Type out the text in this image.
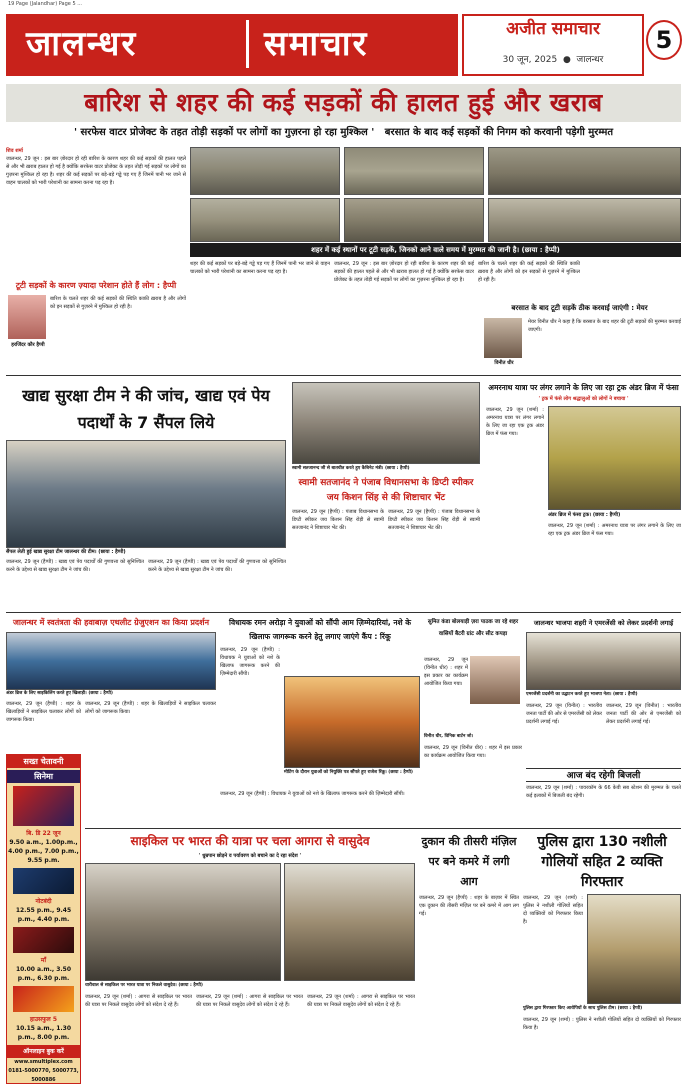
19 Page (Jalandhar) Page 5 ...
जालन्धर	समाचार	अजीत समाचार
30 जून, 2025  ●  जालन्धर
5
बारिश से शहर की कई सड़कों की हालत हुई और खराब
' सरफेस वाटर प्रोजेक्ट के तहत तोड़ी सड़कों पर लोगों का गुज़रना हो रहा मुश्किल ' बरसात के बाद कई सड़कों की निगम को करवानी पड़ेगी मुरम्मत
शिव शर्मा
जालन्धर, 29 जून : इस बार ज़ोरदार हो रही बारिश के कारण शहर की कई सड़कों की हालत पहले से और भी ख़राब हालत हो गई है क्योंकि सरफेस वाटर प्रोजेक्ट के तहत तोड़ी गई सड़कों पर लोगों का गुज़रना मुश्किल हो रहा है। शहर की कई सड़कों पर बड़े-बड़े गड्ढे पड़ गए हैं जिनमें पानी भर जाने से वाहन चालकों को भारी परेशानी का सामना करना पड़ रहा है।
शहर में कई स्थानों पर टूटी सड़कें, जिनको आने वाले समय में मुरम्मत की जानी है। (छाया : हैप्पी)
टूटी सड़कों के कारण ज़्यादा परेशान होते हैं लोग : हैप्पी
हरजिंदर कौर हैप्पी
बारिश के चलते शहर की कई सड़कों की स्थिति काफ़ी ख़राब है और लोगों को इन सड़कों से गुज़रने में मुश्किल हो रही है।
शहर की कई सड़कों पर बड़े-बड़े गड्ढे पड़ गए हैं जिनमें पानी भर जाने से वाहन चालकों को भारी परेशानी का सामना करना पड़ रहा है।
जालन्धर, 29 जून : इस बार ज़ोरदार हो रही बारिश के कारण शहर की कई सड़कों की हालत पहले से और भी ख़राब हालत हो गई है क्योंकि सरफेस वाटर प्रोजेक्ट के तहत तोड़ी गई सड़कों पर लोगों का गुज़रना मुश्किल हो रहा है।
बारिश के चलते शहर की कई सड़कों की स्थिति काफ़ी ख़राब है और लोगों को इन सड़कों से गुज़रने में मुश्किल हो रही है।
बरसात के बाद टूटी सड़कें ठीक करवाई जाएंगी : मेयर
विनीत धीर
मेयर विनीत धीर ने कहा है कि बरसात के बाद शहर की टूटी सड़कों की मुरम्मत करवाई जाएगी।
खाद्य सुरक्षा टीम ने की जांच, खाद्य एवं पेय पदार्थों के 7 सैंपल लिये
सैंपल लेती हुई खाद्य सुरक्षा टीम जालन्धर की टीम। (छाया : हैप्पी)
जालन्धर, 29 जून (हैप्पी) : खाद्य एवं पेय पदार्थों की गुणवत्ता को सुनिश्चित करने के उद्देश्य से खाद्य सुरक्षा टीम ने जांच की।
जालन्धर, 29 जून (हैप्पी) : खाद्य एवं पेय पदार्थों की गुणवत्ता को सुनिश्चित करने के उद्देश्य से खाद्य सुरक्षा टीम ने जांच की।
स्वामी सतजानन्द जी से बातचीत करते हुए कैबिनेट मंत्री। (छाया : हैप्पी)
स्वामी सतजानंद ने पंजाब विधानसभा के डिप्टी स्पीकर जय किशन सिंह से की शिष्टाचार भेंट
जालन्धर, 29 जून (हैप्पी) : पंजाब विधानसभा के डिप्टी स्पीकर जय किशन सिंह रोड़ी से स्वामी सतजानंद ने शिष्टाचार भेंट की।
जालन्धर, 29 जून (हैप्पी) : पंजाब विधानसभा के डिप्टी स्पीकर जय किशन सिंह रोड़ी से स्वामी सतजानंद ने शिष्टाचार भेंट की।
अमरनाथ यात्रा पर लंगर लगाने के लिए जा रहा ट्रक अंडर ब्रिज में फंसा
' ट्रक में फंसे लोग श्रद्धालुओं को लोगों ने बचाया '
जालन्धर, 29 जून (शर्मा) : अमरनाथ यात्रा पर लंगर लगाने के लिए जा रहा एक ट्रक अंडर ब्रिज में फंस गया।
अंडर ब्रिज में फंसा ट्रक। (छाया : हैप्पी)
जालन्धर, 29 जून (शर्मा) : अमरनाथ यात्रा पर लंगर लगाने के लिए जा रहा एक ट्रक अंडर ब्रिज में फंस गया।
जालन्धर में स्वतंत्रता की हवाबाज़ एथलीट ग्रेजुएशन का किया प्रदर्शन
अंडर ब्रिज के लिए साइकिलिंग करते हुए खिलाड़ी। (छाया : हैप्पी)
जालन्धर, 29 जून (हैप्पी) : शहर के खिलाड़ियों ने साइकिल चलाकर लोगों को जागरूक किया।
जालन्धर, 29 जून (हैप्पी) : शहर के खिलाड़ियों ने साइकिल चलाकर लोगों को जागरूक किया।
विधायक रमन अरोड़ा ने युवाओं को सौंपी आम ज़िम्मेदारियां, नशे के खिलाफ जागरूक करने हेतु लगाए जाएंगे कैंप : रिंकू
जालन्धर, 29 जून (हैप्पी) : विधायक ने युवाओं को नशे के खिलाफ जागरूक करने की ज़िम्मेदारी सौंपी।
मीटिंग के दौरान युवाओं को नियुक्ति पत्र सौंपते हुए राजेश रिंकू। (छाया : हैप्पी)
जालन्धर, 29 जून (हैप्पी) : विधायक ने युवाओं को नशे के खिलाफ जागरूक करने की ज़िम्मेदारी सौंपी।
सुमित कंडा बोलयाड़ी ज़रा पाठक जा रहे शहर वासियों बैटरी ग्रांट और सीट कपड़ा
जालन्धर, 29 जून (विनीत धीर) : शहर में इस प्रकार का कार्यक्रम आयोजित किया गया।
विनीत धीर, विनिक बार्टन जो।
जालन्धर, 29 जून (विनीत धीर) : शहर में इस प्रकार का कार्यक्रम आयोजित किया गया।
जालन्धर भाजपा शहरी ने एमरजेंसी को लेकर प्रदर्शनी लगाई
एमरजेंसी प्रदर्शनी का उद्घाटन करते हुए भाजपा नेता। (छाया : हैप्पी)
जालन्धर, 29 जून (विनीत) : भारतीय जनता पार्टी की ओर से एमरजेंसी को लेकर प्रदर्शनी लगाई गई।
जालन्धर, 29 जून (विनीत) : भारतीय जनता पार्टी की ओर से एमरजेंसी को लेकर प्रदर्शनी लगाई गई।
आज बंद रहेगी बिजली
जालन्धर, 29 जून (शर्मा) : पावरकॉम के 66 केवी सब स्टेशन की मुरम्मत के चलते कई इलाकों में बिजली बंद रहेगी।
सख्त चेतावनी
सिनेमा
बि. डि 22 जून
9.50 a.m., 1.00p.m., 4.00 p.m., 7.00 p.m., 9.55 p.m.
नोटबंदी
12.55 p.m., 9.45 p.m., 4.40 p.m.
माँ
10.00 a.m., 3.50 p.m., 6.30 p.m.
हाउसफुल 5
10.15 a.m., 1.30 p.m., 8.00 p.m.
ऑनलाइन बुक करें
www.smultiplex.com
0181-5000770, 5000773, 5000886
साइकिल पर भारत की यात्रा पर चला आगरा से वासुदेव
' धुम्रपान छोड़ने व पर्यावरण को बचाने का दे रहा संदेश '
धारीवाल से साइकिल पर भारत यात्रा पर निकले वासुदेव। (छाया : हैप्पी)
जालन्धर, 29 जून (शर्मा) : आगरा से साइकिल पर भारत की यात्रा पर निकले वासुदेव लोगों को संदेश दे रहे हैं।
जालन्धर, 29 जून (शर्मा) : आगरा से साइकिल पर भारत की यात्रा पर निकले वासुदेव लोगों को संदेश दे रहे हैं।
जालन्धर, 29 जून (शर्मा) : आगरा से साइकिल पर भारत की यात्रा पर निकले वासुदेव लोगों को संदेश दे रहे हैं।
दुकान की तीसरी मंज़िल पर बने कमरे में लगी आग
जालन्धर, 29 जून (हैप्पी) : शहर के बाज़ार में स्थित एक दुकान की तीसरी मंज़िल पर बने कमरे में आग लग गई।
पुलिस द्वारा 130 नशीली गोलियों सहित 2 व्यक्ति गिरफ्तार
जालन्धर, 29 जून (शर्मा) : पुलिस ने नशीली गोलियों सहित दो व्यक्तियों को गिरफ्तार किया है।
पुलिस द्वारा गिरफ्तार किए आरोपियों के साथ पुलिस टीम। (छाया : हैप्पी)
जालन्धर, 29 जून (शर्मा) : पुलिस ने नशीली गोलियों सहित दो व्यक्तियों को गिरफ्तार किया है।
